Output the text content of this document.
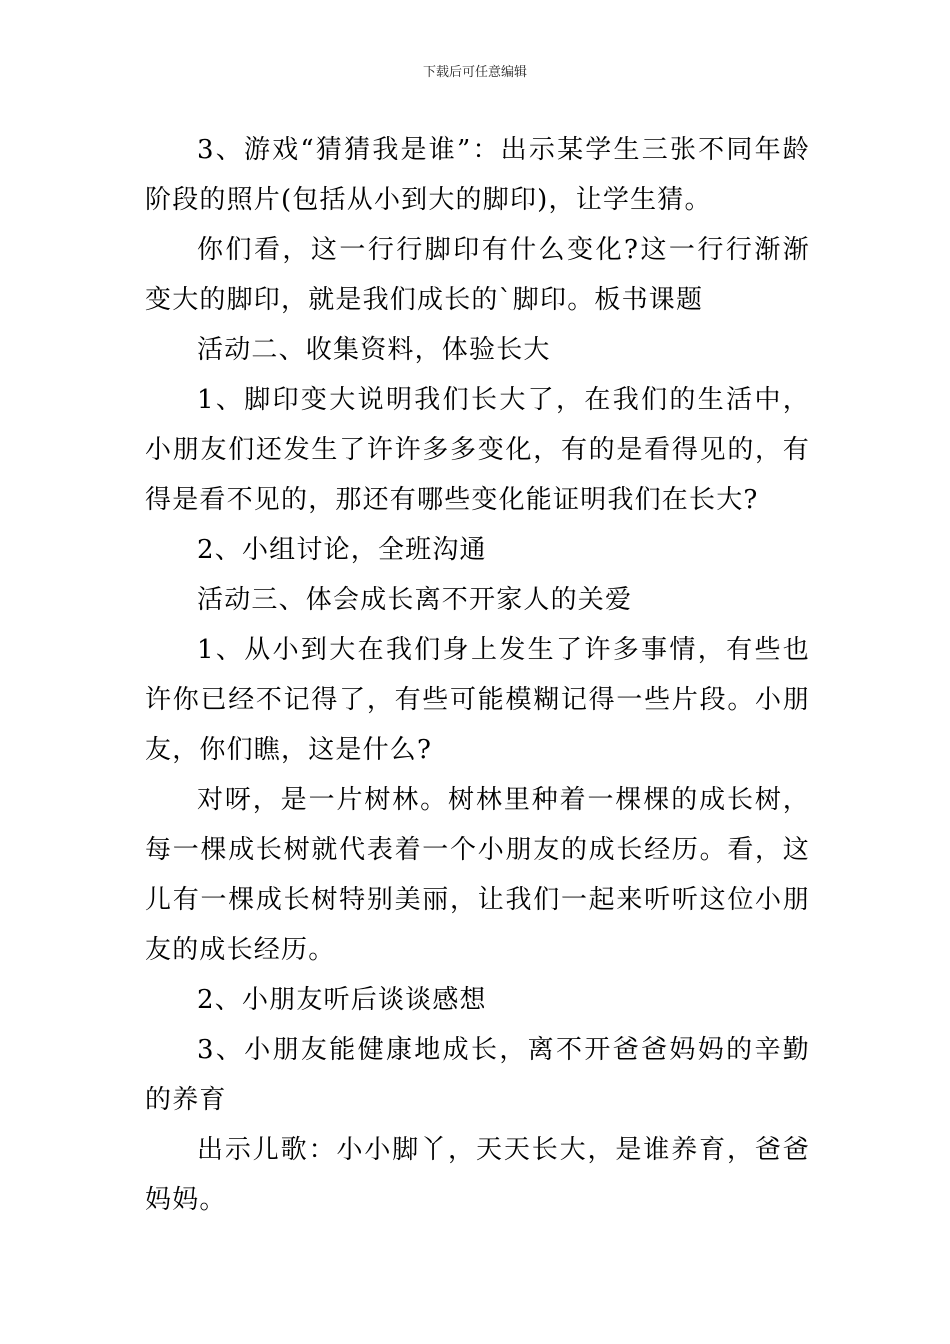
下载后可任意编辑

3、游戏“猜猜我是谁”：出示某学生三张不同年龄阶段的照片(包括从小到大的脚印)，让学生猜。

你们看，这一行行脚印有什么变化?这一行行渐渐变大的脚印，就是我们成长的`脚印。板书课题

活动二、收集资料，体验长大

1、脚印变大说明我们长大了，在我们的生活中，小朋友们还发生了许许多多变化，有的是看得见的，有得是看不见的，那还有哪些变化能证明我们在长大?

2、小组讨论，全班沟通

活动三、体会成长离不开家人的关爱

1、从小到大在我们身上发生了许多事情，有些也许你已经不记得了，有些可能模糊记得一些片段。小朋友，你们瞧，这是什么?

对呀，是一片树林。树林里种着一棵棵的成长树，每一棵成长树就代表着一个小朋友的成长经历。看，这儿有一棵成长树特别美丽，让我们一起来听听这位小朋友的成长经历。

2、小朋友听后谈谈感想

3、小朋友能健康地成长，离不开爸爸妈妈的辛勤的养育

出示儿歌：小小脚丫，天天长大，是谁养育，爸爸妈妈。
